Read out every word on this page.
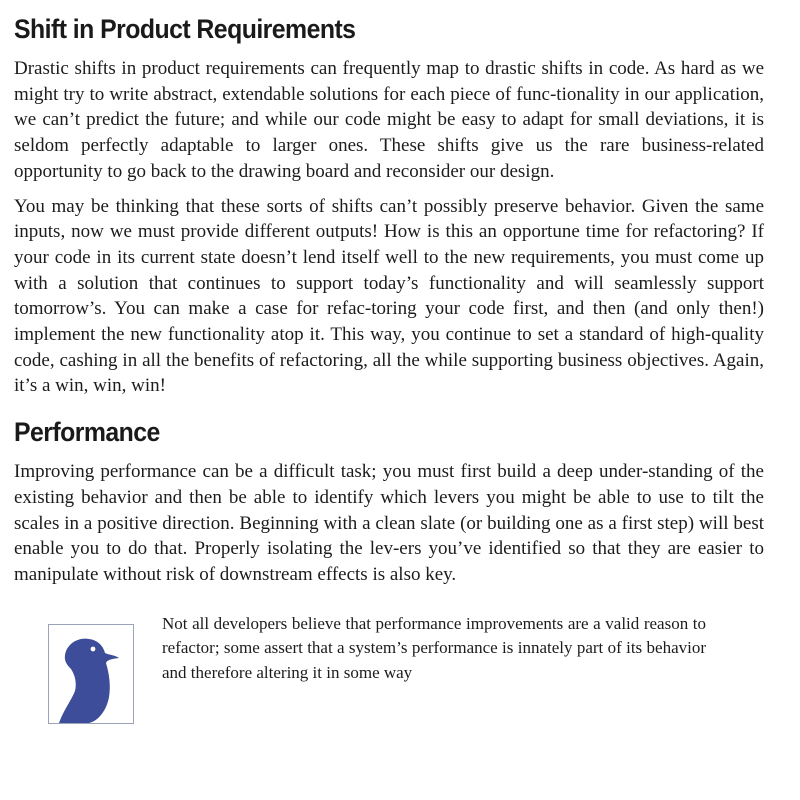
Shift in Product Requirements

Drastic shifts in product requirements can frequently map to drastic shifts in code. As hard as we might try to write abstract, extendable solutions for each piece of func-tionality in our application, we can’t predict the future; and while our code might be easy to adapt for small deviations, it is seldom perfectly adaptable to larger ones. These shifts give us the rare business-related opportunity to go back to the drawing board and reconsider our design.

You may be thinking that these sorts of shifts can’t possibly preserve behavior. Given the same inputs, now we must provide different outputs! How is this an opportune time for refactoring? If your code in its current state doesn’t lend itself well to the new requirements, you must come up with a solution that continues to support today’s functionality and will seamlessly support tomorrow’s. You can make a case for refac-toring your code first, and then (and only then!) implement the new functionality atop it. This way, you continue to set a standard of high-quality code, cashing in all the benefits of refactoring, all the while supporting business objectives. Again, it’s a win, win, win!

Performance

Improving performance can be a difficult task; you must first build a deep under-standing of the existing behavior and then be able to identify which levers you might be able to use to tilt the scales in a positive direction. Beginning with a clean slate (or building one as a first step) will best enable you to do that. Properly isolating the lev-ers you’ve identified so that they are easier to manipulate without risk of downstream effects is also key.

Not all developers believe that performance improvements are a valid reason to refactor; some assert that a system’s performance is innately part of its behavior and therefore altering it in some way
